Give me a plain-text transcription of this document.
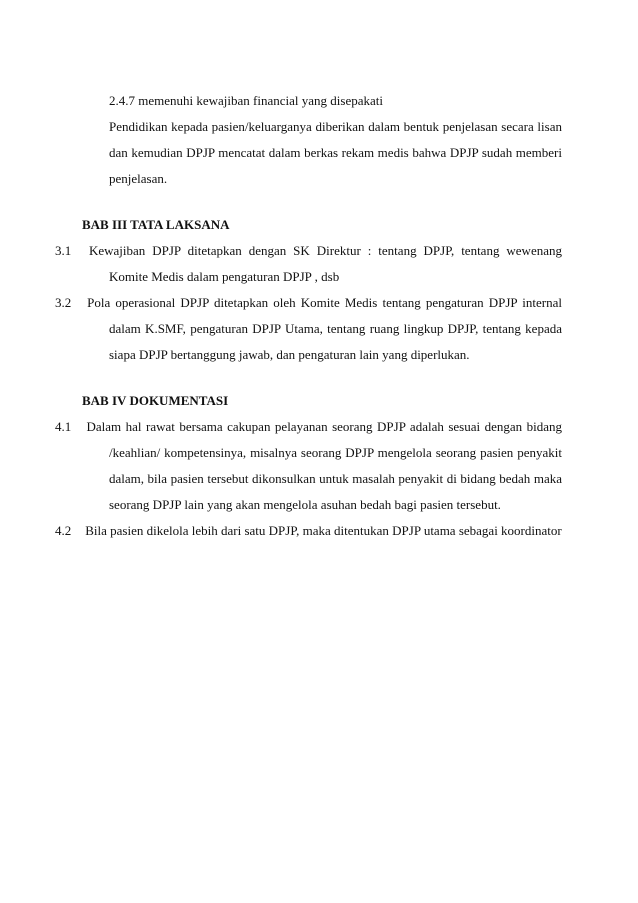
2.4.7 memenuhi kewajiban financial yang disepakati

Pendidikan kepada pasien/keluarganya diberikan dalam bentuk penjelasan secara lisan dan kemudian DPJP mencatat dalam berkas rekam medis bahwa DPJP sudah memberi penjelasan.

BAB III TATA LAKSANA

3.1 Kewajiban DPJP ditetapkan dengan SK Direktur : tentang DPJP, tentang wewenang Komite Medis dalam pengaturan DPJP , dsb

3.2 Pola operasional DPJP ditetapkan oleh Komite Medis tentang pengaturan DPJP internal dalam K.SMF, pengaturan DPJP Utama, tentang ruang lingkup DPJP, tentang kepada siapa DPJP bertanggung jawab, dan pengaturan lain yang diperlukan.

BAB IV DOKUMENTASI

4.1 Dalam hal rawat bersama cakupan pelayanan seorang DPJP adalah sesuai dengan bidang /keahlian/ kompetensinya, misalnya seorang DPJP mengelola seorang pasien penyakit dalam, bila pasien tersebut dikonsulkan untuk masalah penyakit di bidang bedah maka seorang DPJP lain yang akan mengelola asuhan bedah bagi pasien tersebut.

4.2 Bila pasien dikelola lebih dari satu DPJP, maka ditentukan DPJP utama sebagai koordinator
